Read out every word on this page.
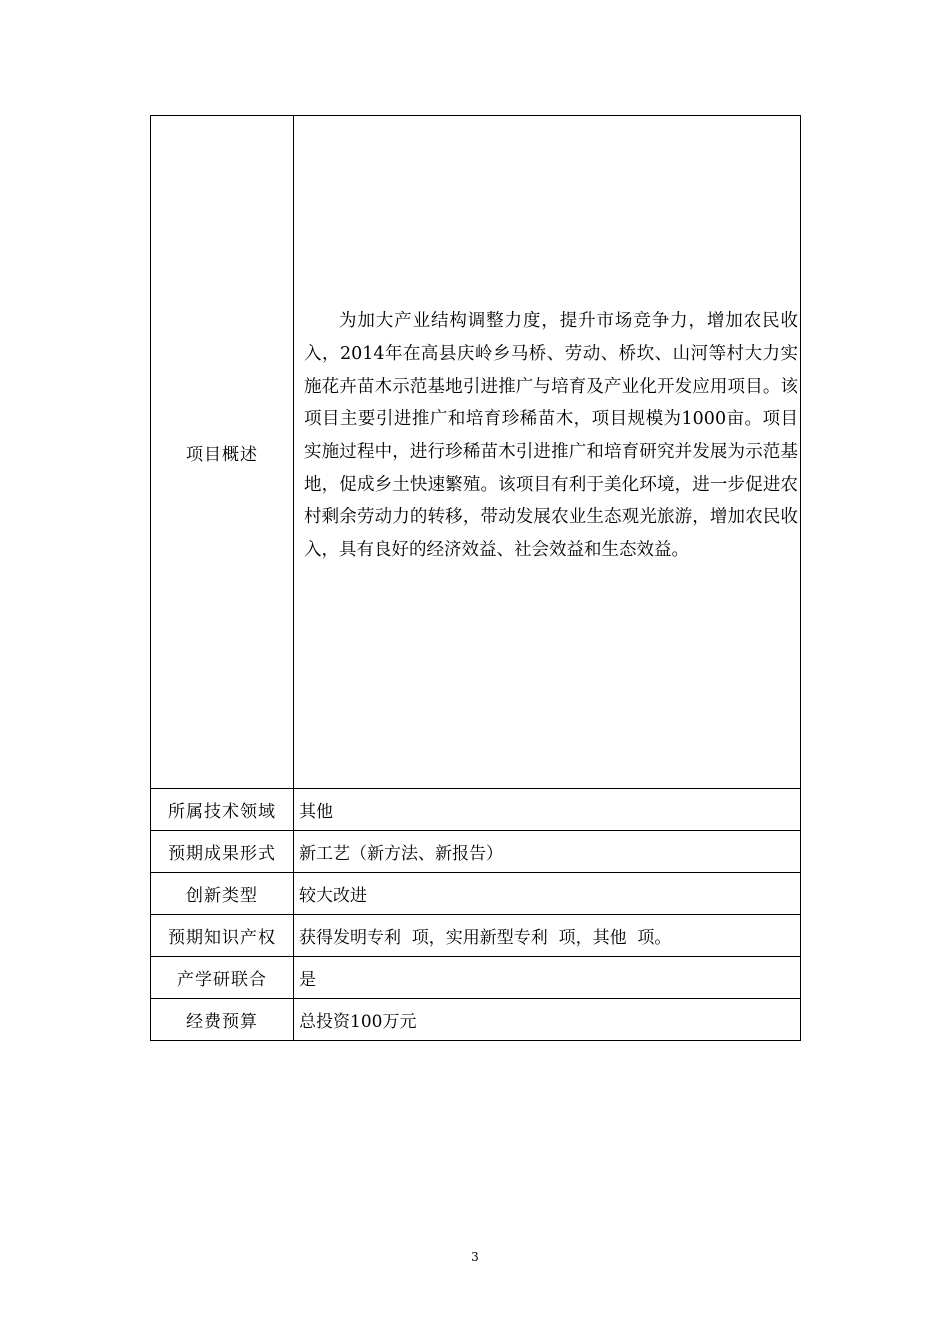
项目概述	为加大产业结构调整力度，提升市场竞争力，增加农民收入，2014年在高县庆岭乡马桥、劳动、桥坎、山河等村大力实施花卉苗木示范基地引进推广与培育及产业化开发应用项目。该项目主要引进推广和培育珍稀苗木，项目规模为1000亩。项目实施过程中，进行珍稀苗木引进推广和培育研究并发展为示范基地，促成乡土快速繁殖。该项目有利于美化环境，进一步促进农村剩余劳动力的转移，带动发展农业生态观光旅游，增加农民收入，具有良好的经济效益、社会效益和生态效益。

所属技术领域	其他
预期成果形式	新工艺（新方法、新报告）
创新类型	较大改进
预期知识产权	获得发明专利  项，实用新型专利  项，其他  项。
产学研联合	是
经费预算	总投资100万元
3
